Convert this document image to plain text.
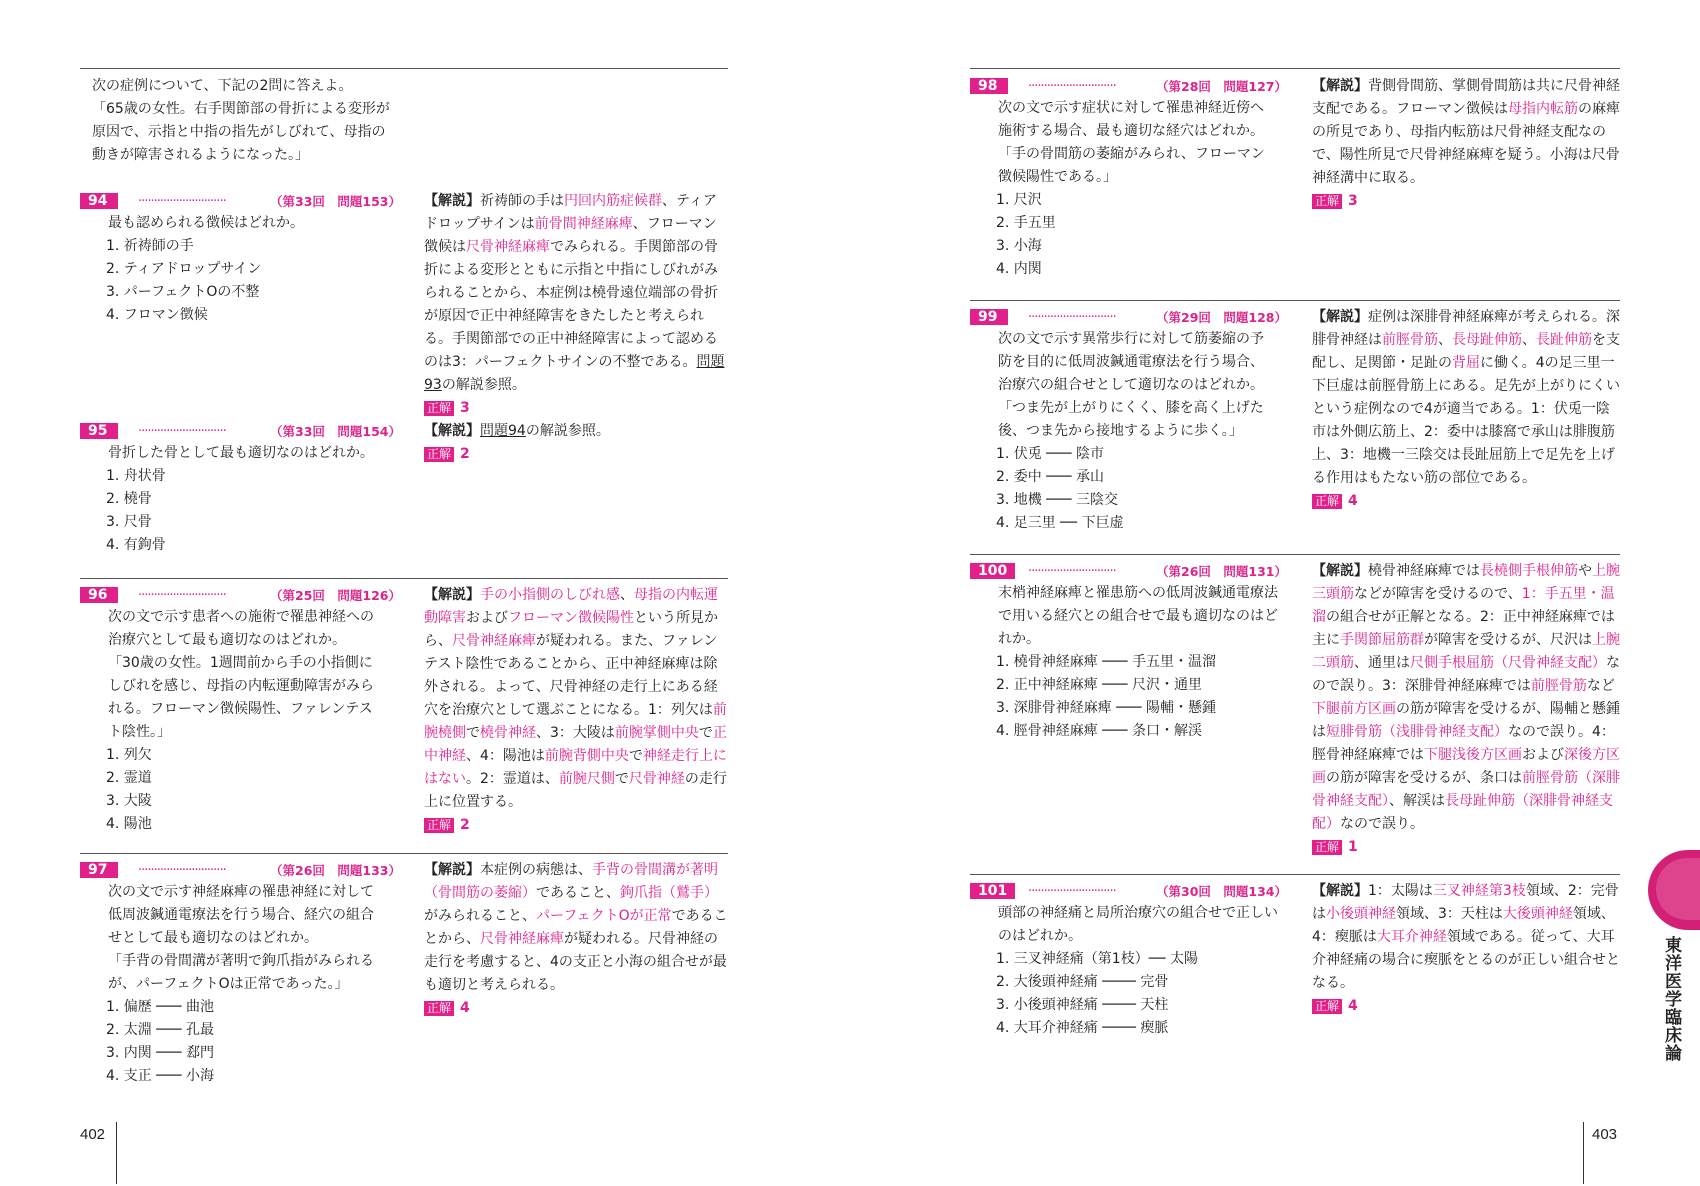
次の症例について、下記の2問に答えよ。

「65歳の女性。右手関節部の骨折による変形が原因で、示指と中指の指先がしびれて、母指の動きが障害されるようになった。」

94	····························	（第33回　問題153）

最も認められる徴候はどれか。

1. 祈祷師の手
2. ティアドロップサイン
3. パーフェクトOの不整
4. フロマン徴候

【解説】祈祷師の手は円回内筋症候群、ティアドロップサインは前骨間神経麻痺、フローマン徴候は尺骨神経麻痺でみられる。手関節部の骨折による変形とともに示指と中指にしびれがみられることから、本症例は橈骨遠位端部の骨折が原因で正中神経障害をきたしたと考えられる。手関節部での正中神経障害によって認めるのは3：パーフェクトサインの不整である。問題93の解説参照。

正解 3

95	····························	（第33回　問題154）

骨折した骨として最も適切なのはどれか。

1. 舟状骨
2. 橈骨
3. 尺骨
4. 有鉤骨

【解説】問題94の解説参照。

正解 2

96	····························	（第25回　問題126）

次の文で示す患者への施術で罹患神経への治療穴として最も適切なのはどれか。

「30歳の女性。1週間前から手の小指側にしびれを感じ、母指の内転運動障害がみられる。フローマン徴候陽性、ファレンテスト陰性。」

1. 列欠
2. 霊道
3. 大陵
4. 陽池

【解説】手の小指側のしびれ感、母指の内転運動障害およびフローマン徴候陽性という所見から、尺骨神経麻痺が疑われる。また、ファレンテスト陰性であることから、正中神経麻痺は除外される。よって、尺骨神経の走行上にある経穴を治療穴として選ぶことになる。1：列欠は前腕橈側で橈骨神経、3：大陵は前腕掌側中央で正中神経、4：陽池は前腕背側中央で神経走行上にはない。2：霊道は、前腕尺側で尺骨神経の走行上に位置する。

正解 2

97	····························	（第26回　問題133）

次の文で示す神経麻痺の罹患神経に対して低周波鍼通電療法を行う場合、経穴の組合せとして最も適切なのはどれか。

「手背の骨間溝が著明で鉤爪指がみられるが、パーフェクトOは正常であった。」

1. 偏歴 ─── 曲池
2. 太淵 ─── 孔最
3. 内関 ─── 郄門
4. 支正 ─── 小海

【解説】本症例の病態は、手背の骨間溝が著明（骨間筋の萎縮）であること、鉤爪指（鷲手）がみられること、パーフェクトOが正常であることから、尺骨神経麻痺が疑われる。尺骨神経の走行を考慮すると、4の支正と小海の組合せが最も適切と考えられる。

正解 4

402
98	····························	（第28回　問題127）

次の文で示す症状に対して罹患神経近傍へ施術する場合、最も適切な経穴はどれか。

「手の骨間筋の萎縮がみられ、フローマン徴候陽性である。」

1. 尺沢
2. 手五里
3. 小海
4. 内関

【解説】背側骨間筋、掌側骨間筋は共に尺骨神経支配である。フローマン徴候は母指内転筋の麻痺の所見であり、母指内転筋は尺骨神経支配なので、陽性所見で尺骨神経麻痺を疑う。小海は尺骨神経溝中に取る。

正解 3

99	····························	（第29回　問題128）

次の文で示す異常歩行に対して筋萎縮の予防を目的に低周波鍼通電療法を行う場合、治療穴の組合せとして適切なのはどれか。

「つま先が上がりにくく、膝を高く上げた後、つま先から接地するように歩く。」

1. 伏兎 ─── 陰市
2. 委中 ─── 承山
3. 地機 ─── 三陰交
4. 足三里 ── 下巨虚

【解説】症例は深腓骨神経麻痺が考えられる。深腓骨神経は前脛骨筋、長母趾伸筋、長趾伸筋を支配し、足関節・足趾の背屈に働く。4の足三里一下巨虚は前脛骨筋上にある。足先が上がりにくいという症例なので4が適当である。1：伏兎一陰市は外側広筋上、2：委中は膝窩で承山は腓腹筋上、3：地機一三陰交は長趾屈筋上で足先を上げる作用はもたない筋の部位である。

正解 4

100	····························	（第26回　問題131）

末梢神経麻痺と罹患筋への低周波鍼通電療法で用いる経穴との組合せで最も適切なのはどれか。

1. 橈骨神経麻痺 ─── 手五里・温溜
2. 正中神経麻痺 ─── 尺沢・通里
3. 深腓骨神経麻痺 ─── 陽輔・懸鍾
4. 脛骨神経麻痺 ─── 条口・解渓

【解説】橈骨神経麻痺では長橈側手根伸筋や上腕三頭筋などが障害を受けるので、1：手五里・温溜の組合せが正解となる。2：正中神経麻痺では主に手関節屈筋群が障害を受けるが、尺沢は上腕二頭筋、通里は尺側手根屈筋（尺骨神経支配）なので誤り。3：深腓骨神経麻痺では前脛骨筋など下腿前方区画の筋が障害を受けるが、陽輔と懸鍾は短腓骨筋（浅腓骨神経支配）なので誤り。4：脛骨神経麻痺では下腿浅後方区画および深後方区画の筋が障害を受けるが、条口は前脛骨筋（深腓骨神経支配）、解渓は長母趾伸筋（深腓骨神経支配）なので誤り。

正解 1

101	····························	（第30回　問題134）

頭部の神経痛と局所治療穴の組合せで正しいのはどれか。

1. 三叉神経痛（第1枝）── 太陽
2. 大後頭神経痛 ──── 完骨
3. 小後頭神経痛 ──── 天柱
4. 大耳介神経痛 ──── 瘈脈

【解説】1：太陽は三叉神経第3枝領域、2：完骨は小後頭神経領域、3：天柱は大後頭神経領域、4：瘈脈は大耳介神経領域である。従って、大耳介神経痛の場合に瘈脈をとるのが正しい組合せとなる。

正解 4	東洋医学臨床論
403
